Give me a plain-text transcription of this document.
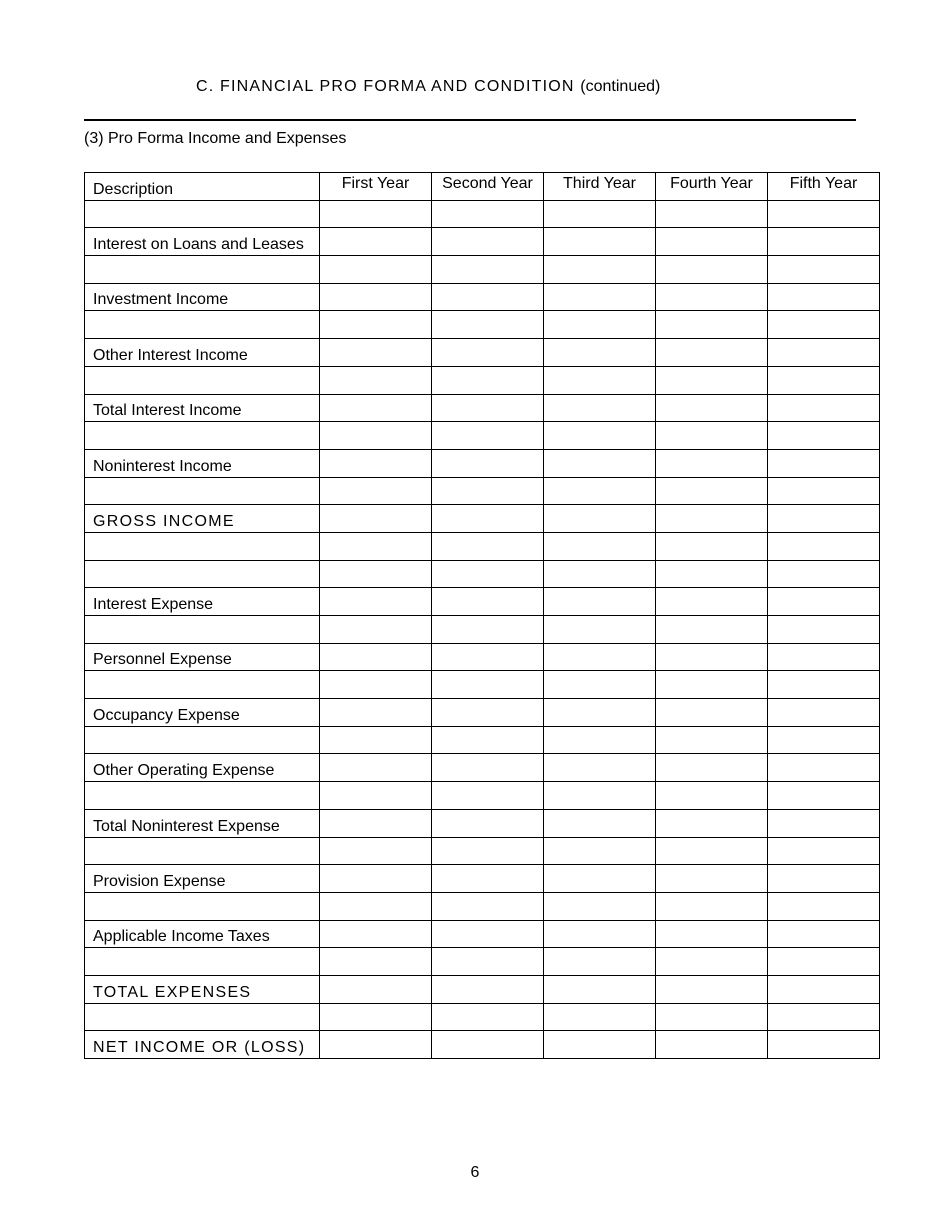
C. FINANCIAL PRO FORMA AND CONDITION (continued)
(3) Pro Forma Income and Expenses
Description	First Year	Second Year	Third Year	Fourth Year	Fifth Year

Interest on Loans and Leases					

Investment Income					

Other Interest Income					

Total Interest Income					

Noninterest Income					

GROSS INCOME					

Interest Expense					

Personnel Expense					

Occupancy Expense					

Other Operating Expense					

Total Noninterest Expense					

Provision Expense					

Applicable Income Taxes					

TOTAL EXPENSES					

NET INCOME OR (LOSS)					
6
